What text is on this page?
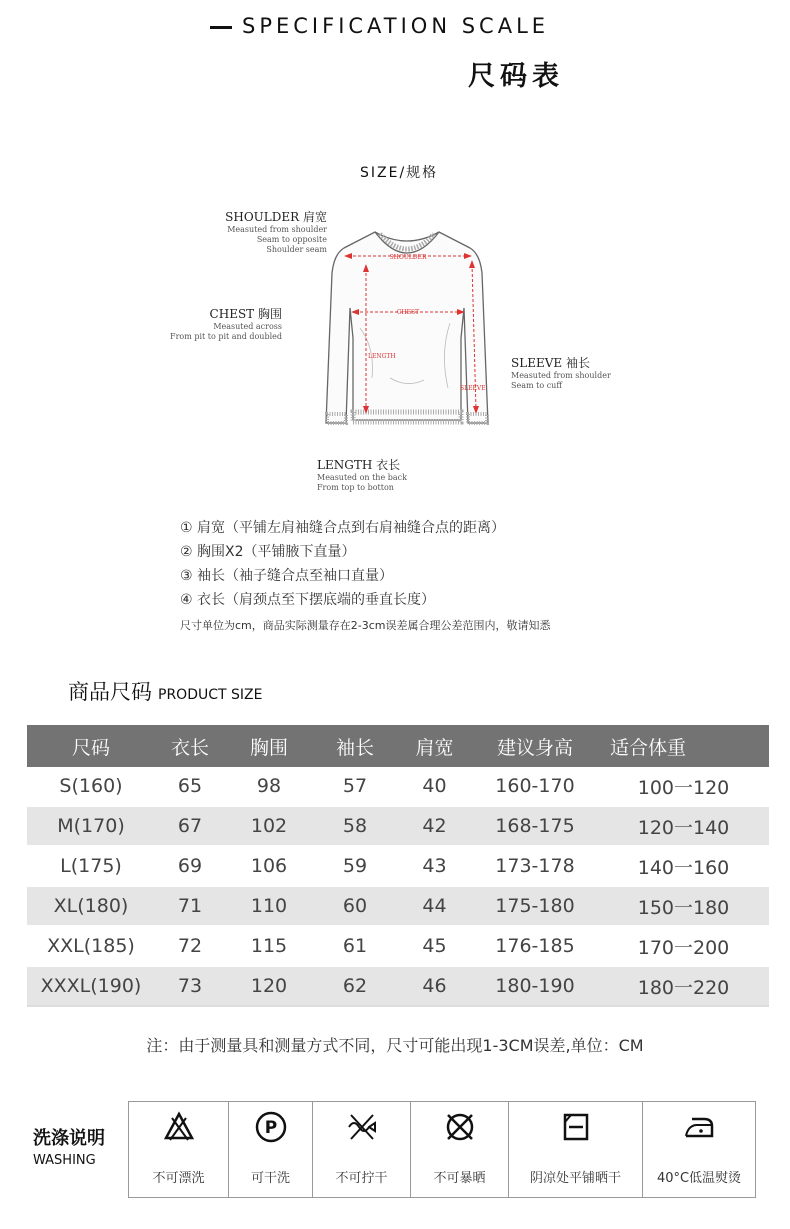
SPECIFICATION SCALE
尺码表
SIZE/规格
SHOULDER 肩宽
Measuted from shoulder
Seam to opposite
Shoulder seam
CHEST 胸围
Measuted across
From pit to pit and doubled
SLEEVE 袖长
Measuted from shoulder
Seam to cuff
LENGTH 衣长
Measuted on the back
From top to botton
SHOULDER
CHEST
LENGTH
SLEEVE
① 肩宽（平铺左肩袖缝合点到右肩袖缝合点的距离）
② 胸围X2（平铺腋下直量）
③ 袖长（袖子缝合点至袖口直量）
④ 衣长（肩颈点至下摆底端的垂直长度）
尺寸单位为cm，商品实际测量存在2-3cm误差属合理公差范围内，敬请知悉
商品尺码 PRODUCT SIZE
尺码	衣长	胸围	袖长	肩宽	建议身高	适合体重
S(160)	65	98	57	40	160-170	100一120
M(170)	67	102	58	42	168-175	120一140
L(175)	69	106	59	43	173-178	140一160
XL(180)	71	110	60	44	175-180	150一180
XXL(185)	72	115	61	45	176-185	170一200
XXXL(190)	73	120	62	46	180-190	180一220
注：由于测量具和测量方式不同，尺寸可能出现1-3CM误差,单位：CM
洗涤说明
WASHING

P

不可漂洗	可干洗	不可拧干	不可暴晒	阴凉处平铺晒干	40°C低温熨烫
